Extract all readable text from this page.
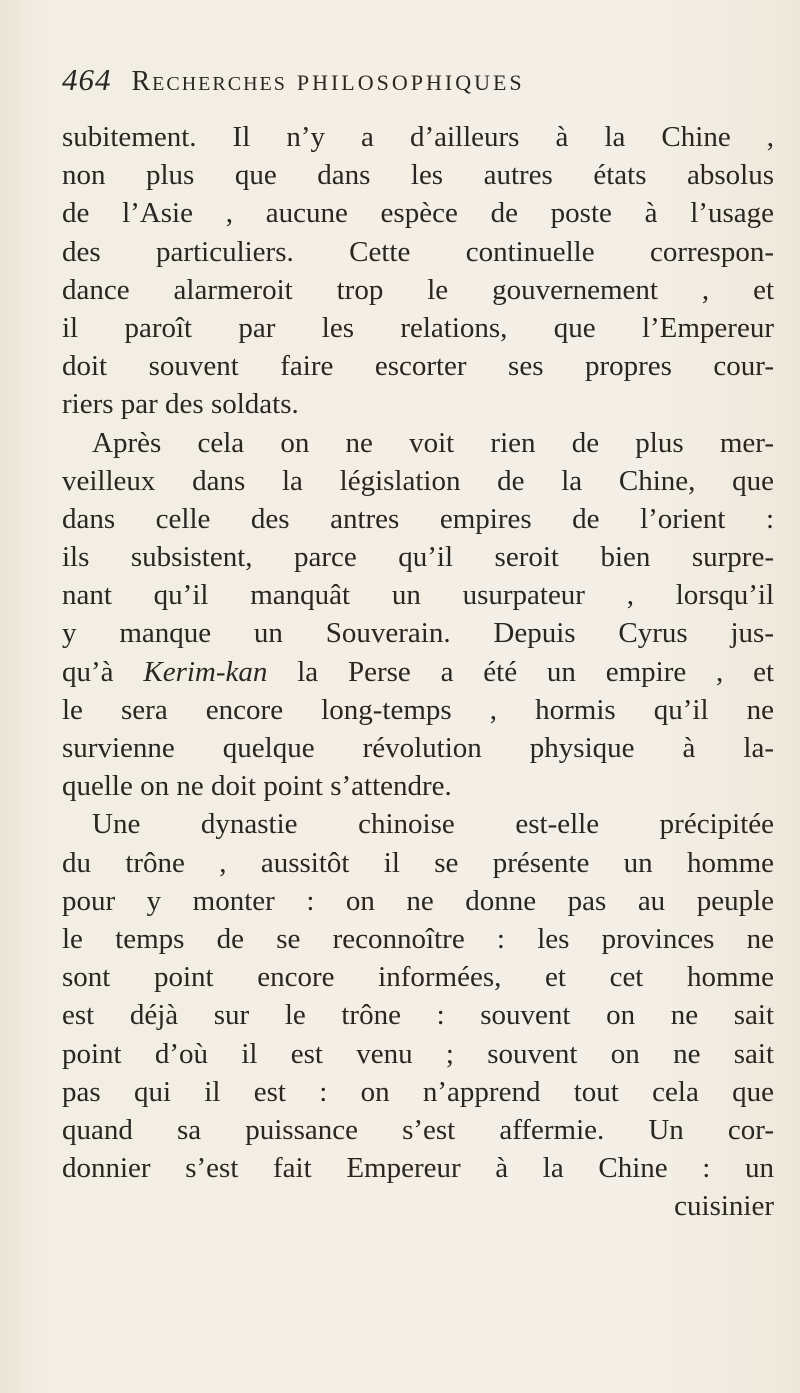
464 Recherches PHILOSOPHIQUES
subitement. Il n’y a d’ailleurs à la Chine ,
non plus que dans les autres états absolus
de l’Asie , aucune espèce de poste à l’usage
des particuliers. Cette continuelle correspon-
dance alarmeroit trop le gouvernement , et
il paroît par les relations, que l’Empereur
doit souvent faire escorter ses propres cour-
riers par des soldats.
Après cela on ne voit rien de plus mer-
veilleux dans la législation de la Chine, que
dans celle des antres empires de l’orient :
ils subsistent, parce qu’il seroit bien surpre-
nant qu’il manquât un usurpateur , lorsqu’il
y manque un Souverain. Depuis Cyrus jus-
qu’à Kerim-kan la Perse a été un empire , et
le sera encore long-temps , hormis qu’il ne
survienne quelque révolution physique à la-
quelle on ne doit point s’attendre.
Une dynastie chinoise est-elle précipitée
du trône , aussitôt il se présente un homme
pour y monter : on ne donne pas au peuple
le temps de se reconnoître : les provinces ne
sont point encore informées, et cet homme
est déjà sur le trône : souvent on ne sait
point d’où il est venu ; souvent on ne sait
pas qui il est : on n’apprend tout cela que
quand sa puissance s’est affermie. Un cor-
donnier s’est fait Empereur à la Chine : un
cuisinier
